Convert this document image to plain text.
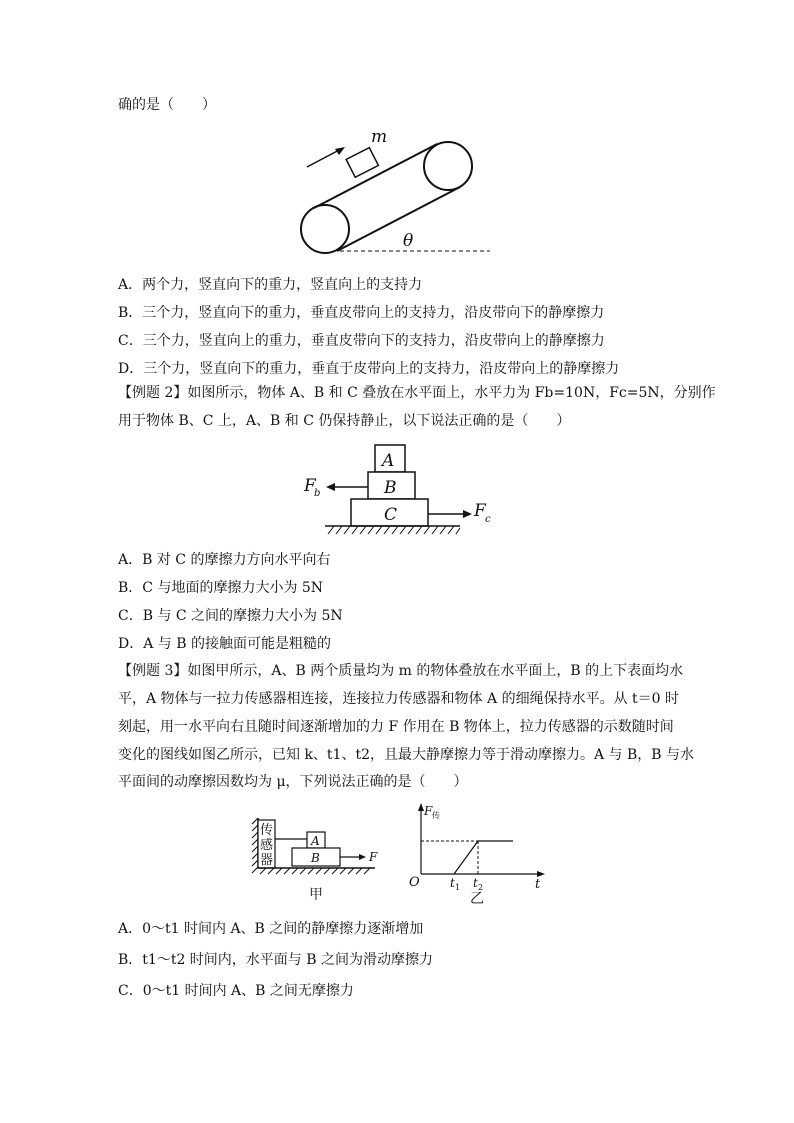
确的是（　　）
m
θ
A．两个力，竖直向下的重力，竖直向上的支持力
B．三个力，竖直向下的重力，垂直皮带向上的支持力，沿皮带向下的静摩擦力
C．三个力，竖直向上的重力，垂直皮带向下的支持力，沿皮带向上的静摩擦力
D．三个力，竖直向下的重力，垂直于皮带向上的支持力，沿皮带向上的静摩擦力
【例题 2】如图所示，物体 A、B 和 C 叠放在水平面上，水平力为 Fb=10N，Fc=5N，分别作
用于物体 B、C 上，A、B 和 C 仍保持静止，以下说法正确的是（　　）
A
B
C
F
b
F c
A．B 对 C 的摩擦力方向水平向右
B．C 与地面的摩擦力大小为 5N
C．B 与 C 之间的摩擦力大小为 5N
D．A 与 B 的接触面可能是粗糙的
【例题 3】如图甲所示，A、B 两个质量均为 m 的物体叠放在水平面上，B 的上下表面均水
平，A 物体与一拉力传感器相连接，连接拉力传感器和物体 A 的细绳保持水平。从 t＝0 时
刻起，用一水平向右且随时间逐渐增加的力 F 作用在 B 物体上，拉力传感器的示数随时间
变化的图线如图乙所示，已知 k、t1、t2，且最大静摩擦力等于滑动摩擦力。A 与 B，B 与水
平面间的动摩擦因数均为 μ，下列说法正确的是（　　）
传
感
器
A
B	F
甲
F 传
O	t 1 t 2	t
乙
A．0～t1 时间内 A、B 之间的静摩擦力逐渐增加
B．t1～t2 时间内，水平面与 B 之间为滑动摩擦力
C．0～t1 时间内 A、B 之间无摩擦力
